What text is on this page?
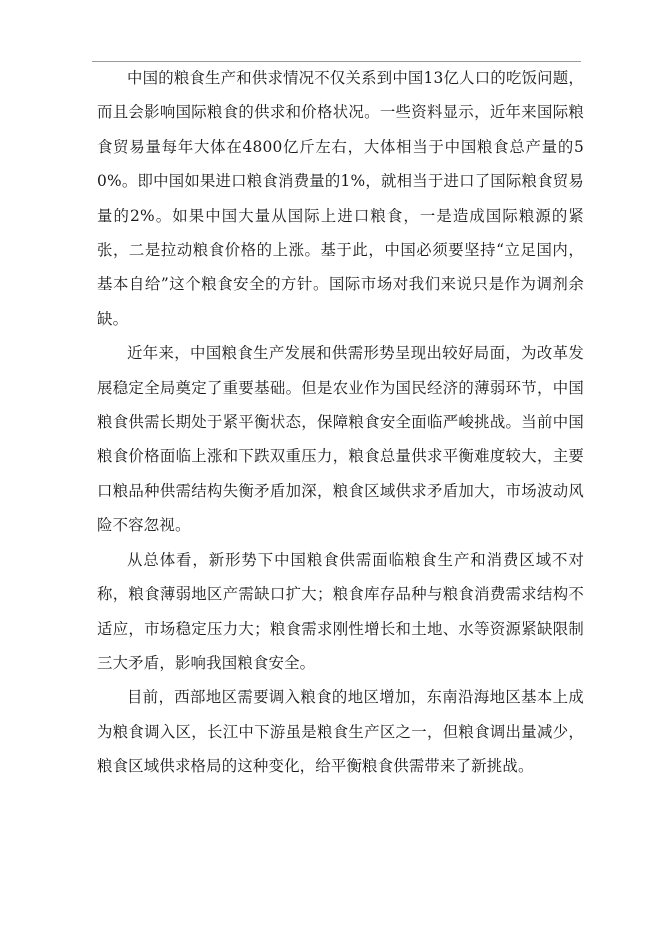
中国的粮食生产和供求情况不仅关系到中国13亿人口的吃饭问题，而且会影响国际粮食的供求和价格状况。一些资料显示，近年来国际粮食贸易量每年大体在4800亿斤左右，大体相当于中国粮食总产量的50%。即中国如果进口粮食消费量的1%，就相当于进口了国际粮食贸易量的2%。如果中国大量从国际上进口粮食，一是造成国际粮源的紧张，二是拉动粮食价格的上涨。基于此，中国必须要坚持“立足国内，基本自给”这个粮食安全的方针。国际市场对我们来说只是作为调剂余缺。

近年来，中国粮食生产发展和供需形势呈现出较好局面，为改革发展稳定全局奠定了重要基础。但是农业作为国民经济的薄弱环节，中国粮食供需长期处于紧平衡状态，保障粮食安全面临严峻挑战。当前中国粮食价格面临上涨和下跌双重压力，粮食总量供求平衡难度较大，主要口粮品种供需结构失衡矛盾加深，粮食区域供求矛盾加大，市场波动风险不容忽视。

从总体看，新形势下中国粮食供需面临粮食生产和消费区域不对称，粮食薄弱地区产需缺口扩大；粮食库存品种与粮食消费需求结构不适应，市场稳定压力大；粮食需求刚性增长和土地、水等资源紧缺限制三大矛盾，影响我国粮食安全。

目前，西部地区需要调入粮食的地区增加，东南沿海地区基本上成为粮食调入区，长江中下游虽是粮食生产区之一，但粮食调出量减少，粮食区域供求格局的这种变化，给平衡粮食供需带来了新挑战。
